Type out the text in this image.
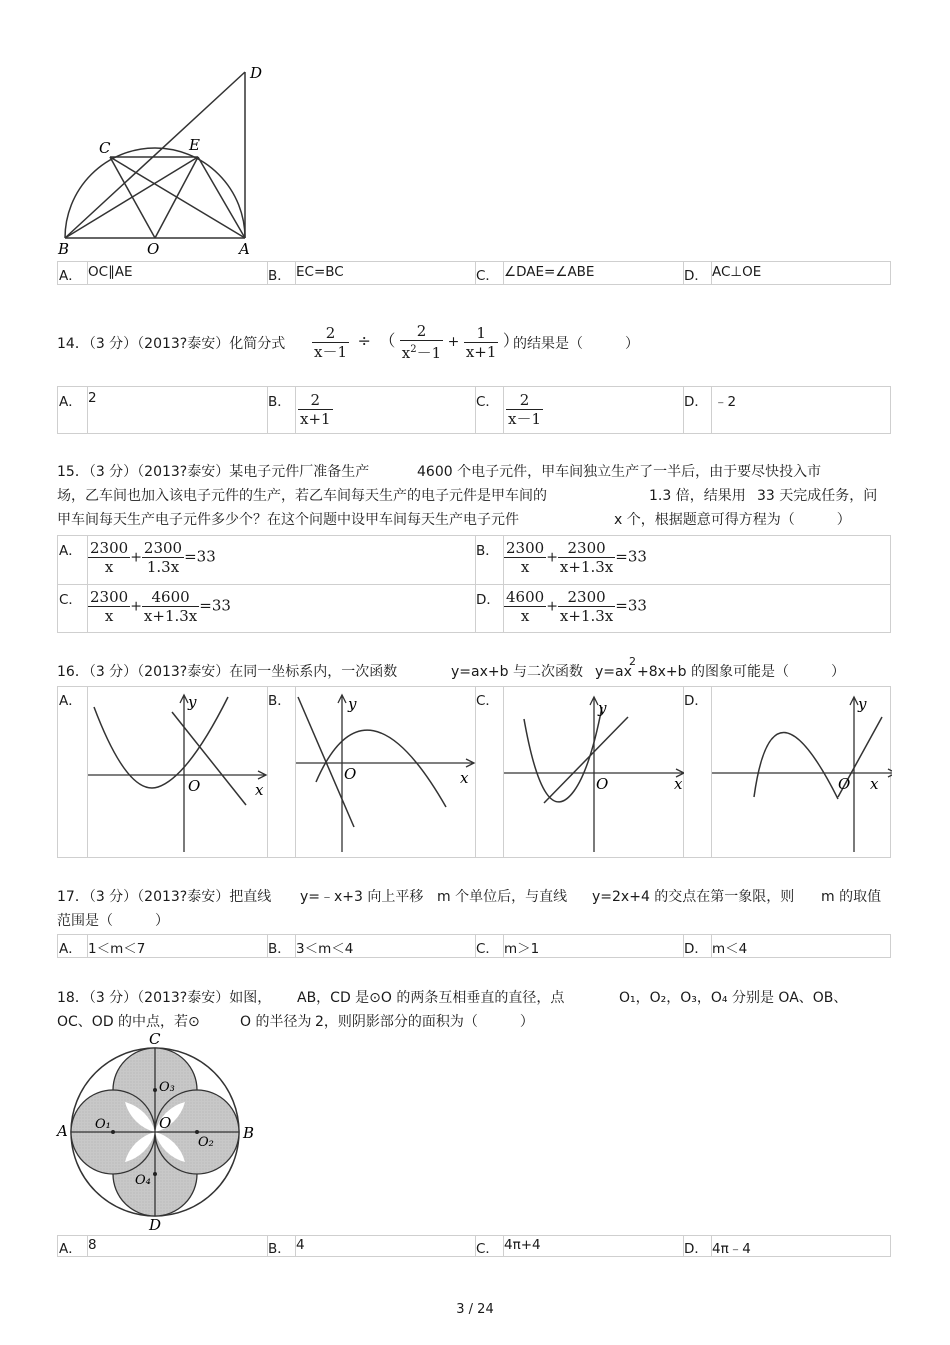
D
C	E
B	O	A
A． OC∥AE	B． EC=BC	C． ∠DAE=∠ABE	D． AC⊥OE
14．（3 分）（2013?泰安）化简分式 $\frac{2}{x-1}$ ÷ （ $\frac{2}{x^2-1} + \frac{1}{x+1}$ ）
的结果是（　　　）
A． 2	B． $\frac{2}{x+1}$	C． $\frac{2}{x-1}$	D． ﹣2
15．（3 分）（2013?泰安）某电子元件厂准备生产	4600 个电子元件，甲车间独立生产了一半后，由于要尽快投入市
场，乙车间也加入该电子元件的生产，若乙车间每天生产的电子元件是甲车间的	1.3 倍，结果用 33 天完成任务，问
甲车间每天生产电子元件多少个？在这个问题中设甲车间每天生产电子元件	x 个，根据题意可得方程为（　　　）
A． $\frac{2300}{x} + \frac{2300}{1.3x} =33$	B． $\frac{2300}{x} + \frac{2300}{x+1.3x} =33$
C． $\frac{2300}{x} + \frac{4600}{x+1.3x} =33$	D． $\frac{4600}{x} + \frac{2300}{x+1.3x} =33$
16．（3 分）（2013?泰安）在同一坐标系内，一次函数	y=ax+b 与二次函数 y=ax
2
+8x+b 的图象可能是（　　　）
A．	y
x
O
B．	y
x
O
C．	y
x
O
D．	y
x
O
17．（3 分）（2013?泰安）把直线 y=﹣x+3 向上平移 m 个单位后，与直线 y=2x+4 的交点在第一象限，则 m 的取值
范围是（　　　）
A． 1＜m＜7	B． 3＜m＜4	C． m＞1	D． m＜4
18．（3 分）（2013?泰安）如图， AB，CD 是⊙O 的两条互相垂直的直径，点	O₁，O₂，O₃，O₄ 分别是 OA、OB、
OC、OD 的中点，若⊙	O 的半径为 2，则阴影部分的面积为（　　　）
C
D
A	B
O
O₃
O₁
O₂
O₄
A． 8	B． 4	C． 4π+4	D． 4π﹣4
3 / 24
